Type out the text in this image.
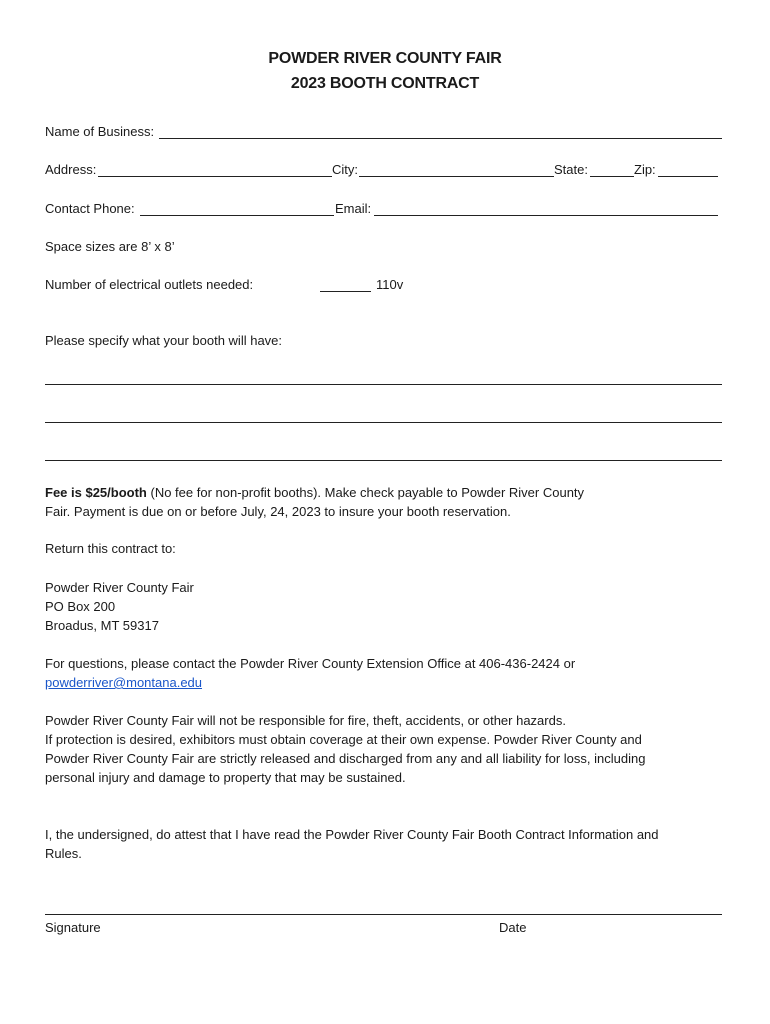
POWDER RIVER COUNTY FAIR
2023 BOOTH CONTRACT
Name of Business:
Address:	City:	State:	Zip:
Contact Phone:	Email:
Space sizes are 8’ x 8’
Number of electrical outlets needed:	110v
Please specify what your booth will have:
Fee is $25/booth (No fee for non-profit booths). Make check payable to Powder River County
Fair. Payment is due on or before July, 24, 2023 to insure your booth reservation.
Return this contract to:
Powder River County Fair
PO Box 200
Broadus, MT 59317
For questions, please contact the Powder River County Extension Office at 406-436-2424 or
powderriver@montana.edu
Powder River County Fair will not be responsible for fire, theft, accidents, or other hazards.
If protection is desired, exhibitors must obtain coverage at their own expense. Powder River County and
Powder River County Fair are strictly released and discharged from any and all liability for loss, including
personal injury and damage to property that may be sustained.
I, the undersigned, do attest that I have read the Powder River County Fair Booth Contract Information and
Rules.
Signature	Date
